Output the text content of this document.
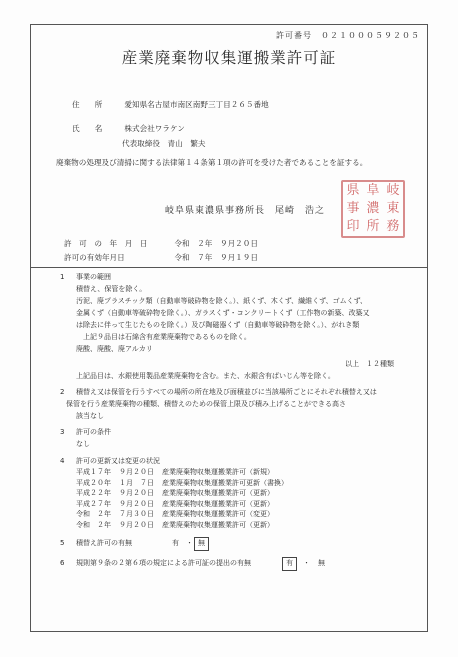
許可番号　０２１０００５９２０５
産業廃棄物収集運搬業許可証
住　　所	愛知県名古屋市南区南野三丁目２６５番地
氏　　名	株式会社ワラケン
代表取締役　青山　繁夫
廃棄物の処理及び清掃に関する法律第１４条第１項の許可を受けた者であることを証する。
岐阜県東濃県事務所長　尾崎　浩之
県 阜 岐
事 濃 東
印 所 務
許　可　の　年　月　日	令和　２年　９月２０日
許可の有効年月日	令和　７年　９月１９日
1 事業の範囲
積替え、保管を除く。
汚泥、廃プラスチック類（自動車等破砕物を除く。）、紙くず、木くず、繊維くず、ゴムくず、
金属くず（自動車等破砕物を除く。）、ガラスくず・コンクリートくず（工作物の新築、改築又
は除去に伴って生じたものを除く。）及び陶磁器くず（自動車等破砕物を除く。）、がれき類
　上記９品目は石綿含有産業廃棄物であるものを除く。
廃酸、廃酸、廃アルカリ
以上　１２種類
上記品目は、水銀使用製品産業廃棄物を含む。また、水銀含有ばいじん等を除く。
2 積替え又は保管を行うすべての場所の所在地及び面積並びに当該場所ごとにそれぞれ積替え又は
保管を行う産業廃棄物の種類、積替えのための保管上限及び積み上げることができる高さ
該当なし
3 許可の条件
なし
4 許可の更新又は変更の状況
平成１７年	９月２０日	産業廃棄物収集運搬業許可（新規）
平成２０年	１月　７日	産業廃棄物収集運搬業許可更新（書換）
平成２２年	９月２０日	産業廃棄物収集運搬業許可（更新）
平成２７年	９月２０日	産業廃棄物収集運搬業許可（更新）
令和　２年	７月３０日	産業廃棄物収集運搬業許可（変更）
令和　２年	９月２０日	産業廃棄物収集運搬業許可（更新）
5 積替え許可の有無	有 ・ 無
6 規則第９条の２第６項の規定による許可証の提出の有無	有	・ 無
